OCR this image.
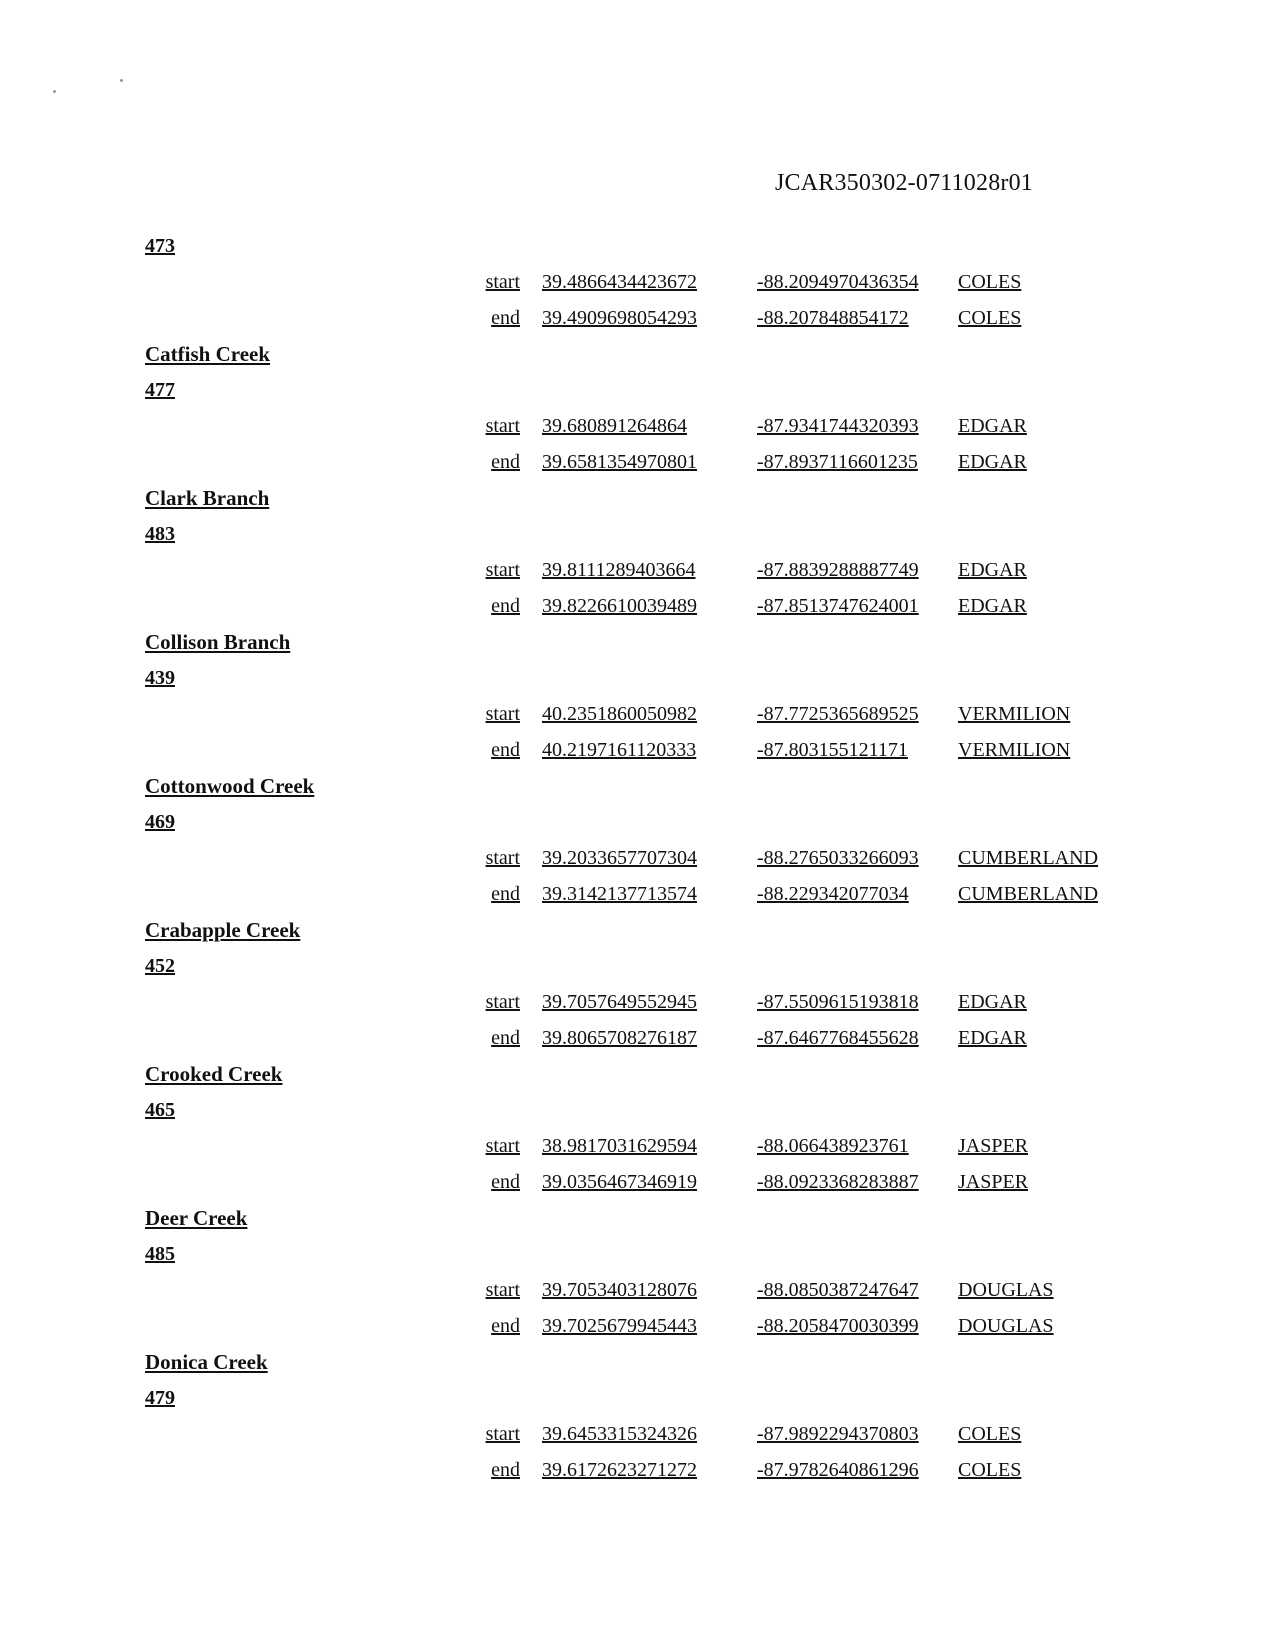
JCAR350302-0711028r01
473
start 39.4866434423672	-88.2094970436354 COLES
end 39.4909698054293	-88.207848854172 COLES
Catfish Creek
477
start 39.680891264864	-87.9341744320393 EDGAR
end 39.6581354970801	-87.8937116601235 EDGAR
Clark Branch
483
start 39.8111289403664	-87.8839288887749 EDGAR
end 39.8226610039489	-87.8513747624001 EDGAR
Collison Branch
439
start 40.2351860050982	-87.7725365689525 VERMILION
end 40.2197161120333	-87.803155121171	VERMILION
Cottonwood Creek
469
start 39.2033657707304	-88.2765033266093 CUMBERLAND
end 39.3142137713574	-88.229342077034 CUMBERLAND
Crabapple Creek
452
start 39.7057649552945	-87.5509615193818 EDGAR
end 39.8065708276187	-87.6467768455628 EDGAR
Crooked Creek
465
start 38.9817031629594	-88.066438923761 JASPER
end 39.0356467346919	-88.0923368283887 JASPER
Deer Creek
485
start 39.7053403128076	-88.0850387247647 DOUGLAS
end 39.7025679945443	-88.2058470030399 DOUGLAS
Donica Creek
479
start 39.6453315324326	-87.9892294370803 COLES
end 39.6172623271272	-87.9782640861296 COLES
